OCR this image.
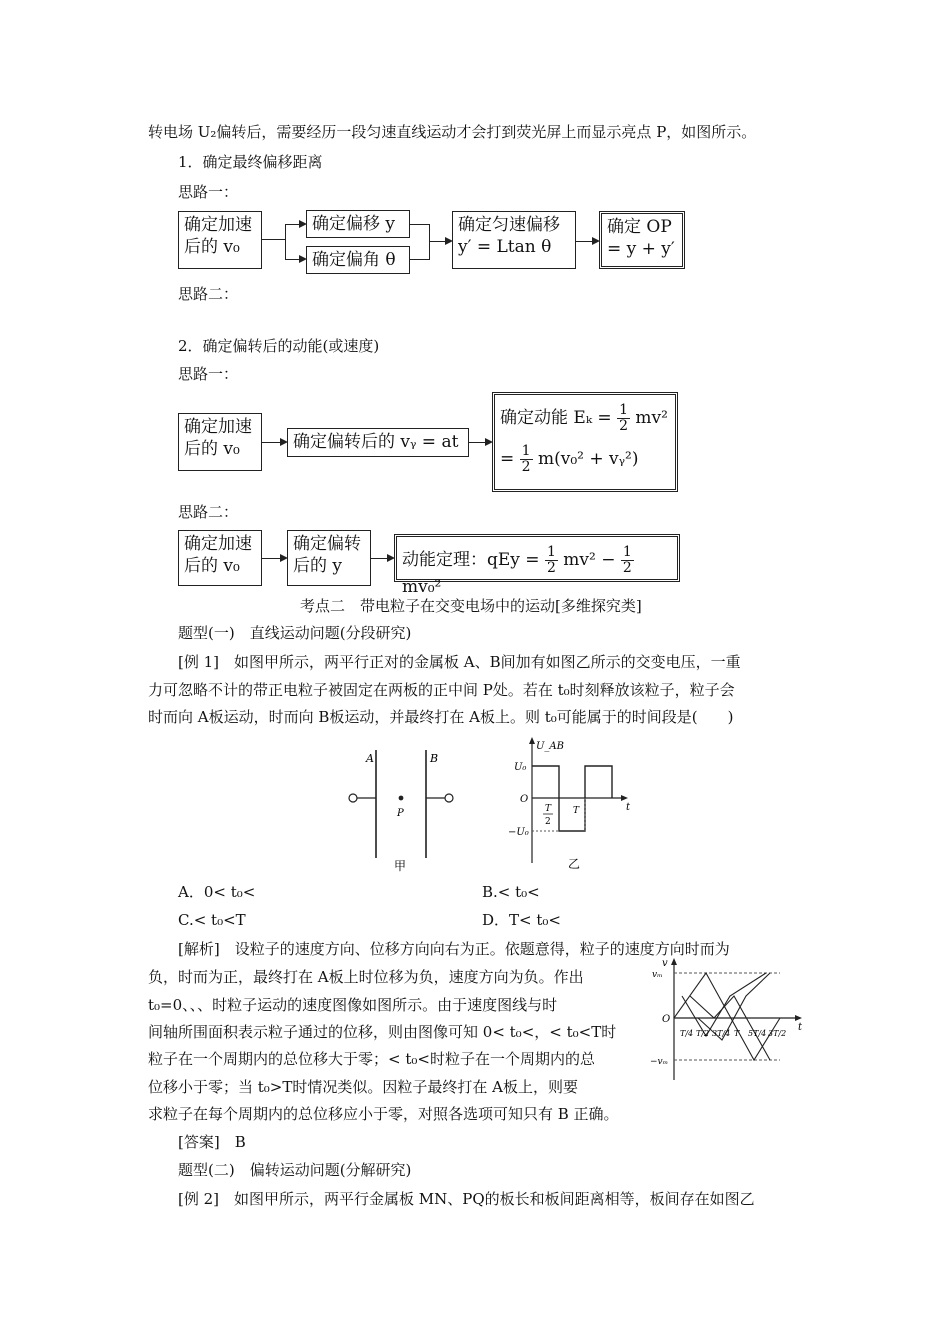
转电场 U₂偏转后，需要经历一段匀速直线运动才会打到荧光屏上而显示亮点 P，如图所示。
1．确定最终偏移距离
思路一：
确定加速
后的 v₀
确定偏移 y
确定偏角 θ
确定匀速偏移
y′ = Ltan θ
确定 OP
= y + y′
思路二：
2．确定偏转后的动能(或速度)
思路一：
确定加速
后的 v₀	确定偏转后的 vᵧ = at
确定动能 $E_k = \frac{1}{2} mv^2$
= $\frac{1}{2} m(v_0^2$ + vᵧ²)
思路二：
确定加速
后的 v₀
确定偏转
后的 y	动能定理：qEy = $\frac{1}{2} mv^2 - \frac{1}{2}$
mv₀²
考点二　带电粒子在交变电场中的运动[多维探究类]
题型(一)　直线运动问题(分段研究)
[例 1]　如图甲所示，两平行正对的金属板 A、B间加有如图乙所示的交变电压，一重
力可忽略不计的带正电粒子被固定在两板的正中间 P处。若在 t₀时刻释放该粒子，粒子会
时而向 A板运动，时而向 B板运动，并最终打在 A板上。则 t₀可能属于的时间段是(　　)
A	B
P
甲
U_AB
U₀
−U₀
O
t
T
2
T
乙
A．0< t₀<	B.< t₀<
C.< t₀<T	D．T< t₀<
[解析]　设粒子的速度方向、位移方向向右为正。依题意得，粒子的速度方向时而为
负，时而为正，最终打在 A板上时位移为负，速度方向为负。作出
t₀=0、、、时粒子运动的速度图像如图所示。由于速度图线与时
间轴所围面积表示粒子通过的位移，则由图像可知 0< t₀<，< t₀<T时
粒子在一个周期内的总位移大于零；< t₀<时粒子在一个周期内的总
位移小于零；当 t₀>T时情况类似。因粒子最终打在 A板上，则要
求粒子在每个周期内的总位移应小于零，对照各选项可知只有 B 正确。
v
vₘ
−vₘ
O
t
T/4 T/2 3T/4 T 5T/4 3T/2
[答案]　B
题型(二)　偏转运动问题(分解研究)
[例 2]　如图甲所示，两平行金属板 MN、PQ的板长和板间距离相等，板间存在如图乙
